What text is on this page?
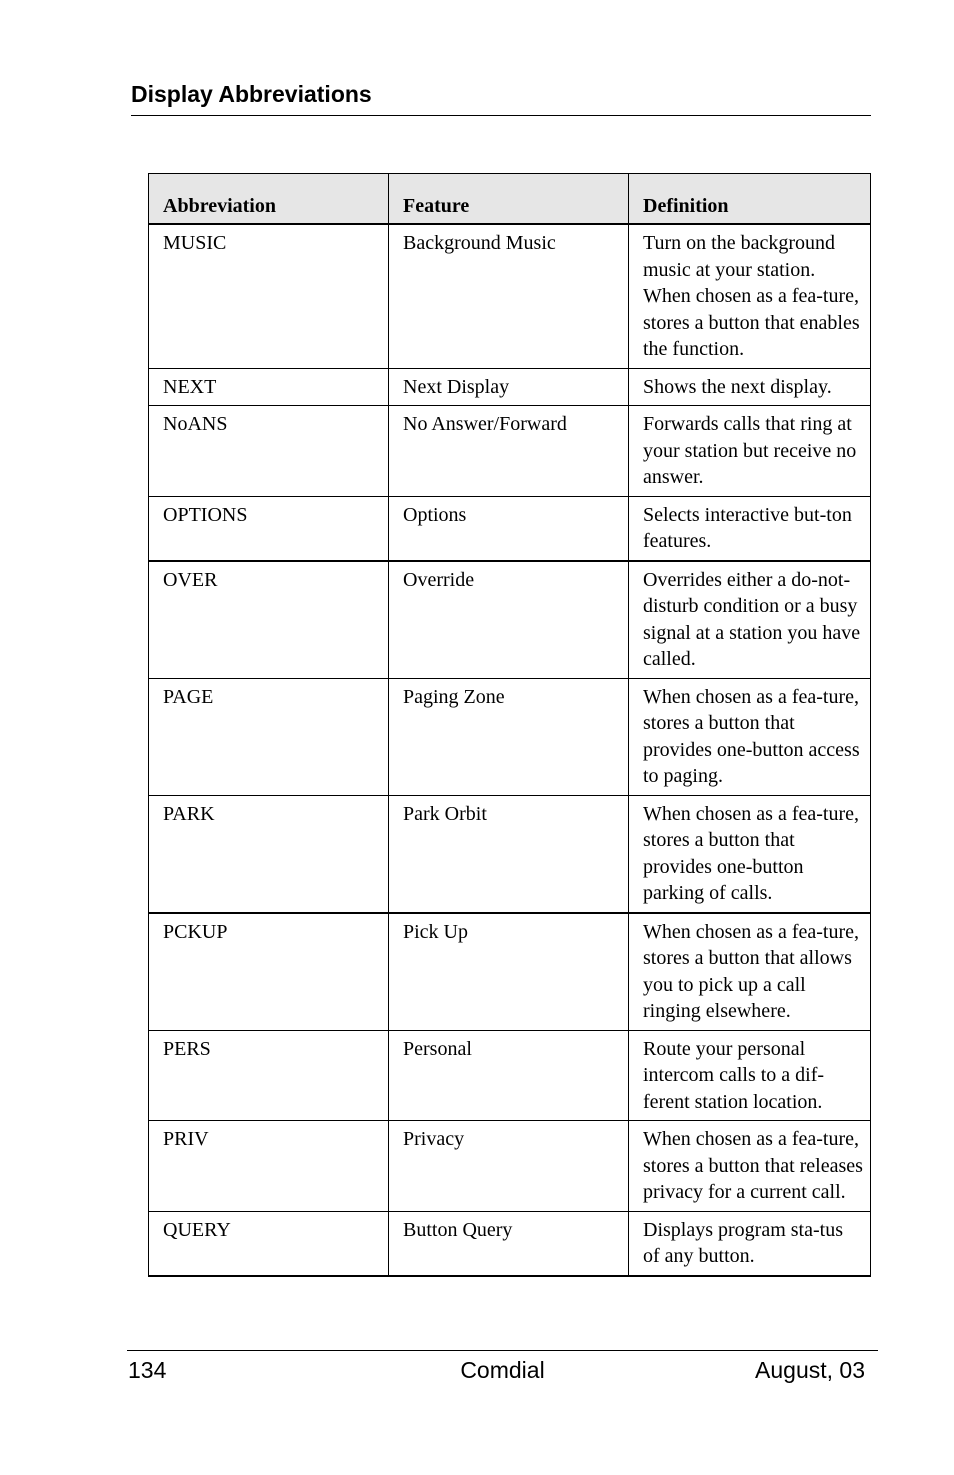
Display Abbreviations
Abbreviation	Feature	Definition
MUSIC	Background Music	Turn on the background music at your station. When chosen as a fea-ture, stores a button that enables the function.
NEXT	Next Display	Shows the next display.
NoANS	No Answer/Forward	Forwards calls that ring at your station but receive no answer.
OPTIONS	Options	Selects interactive but-ton features.
OVER	Override	Overrides either a do-not-disturb condition or a busy signal at a station you have called.
PAGE	Paging Zone	When chosen as a fea-ture, stores a button that provides one-button access to paging.
PARK	Park Orbit	When chosen as a fea-ture, stores a button that provides one-button parking of calls.
PCKUP	Pick Up	When chosen as a fea-ture, stores a button that allows you to pick up a call ringing elsewhere.
PERS	Personal	Route your personal intercom calls to a dif-ferent station location.
PRIV	Privacy	When chosen as a fea-ture, stores a button that releases privacy for a current call.
QUERY	Button Query	Displays program sta-tus of any button.
134	Comdial	August, 03
